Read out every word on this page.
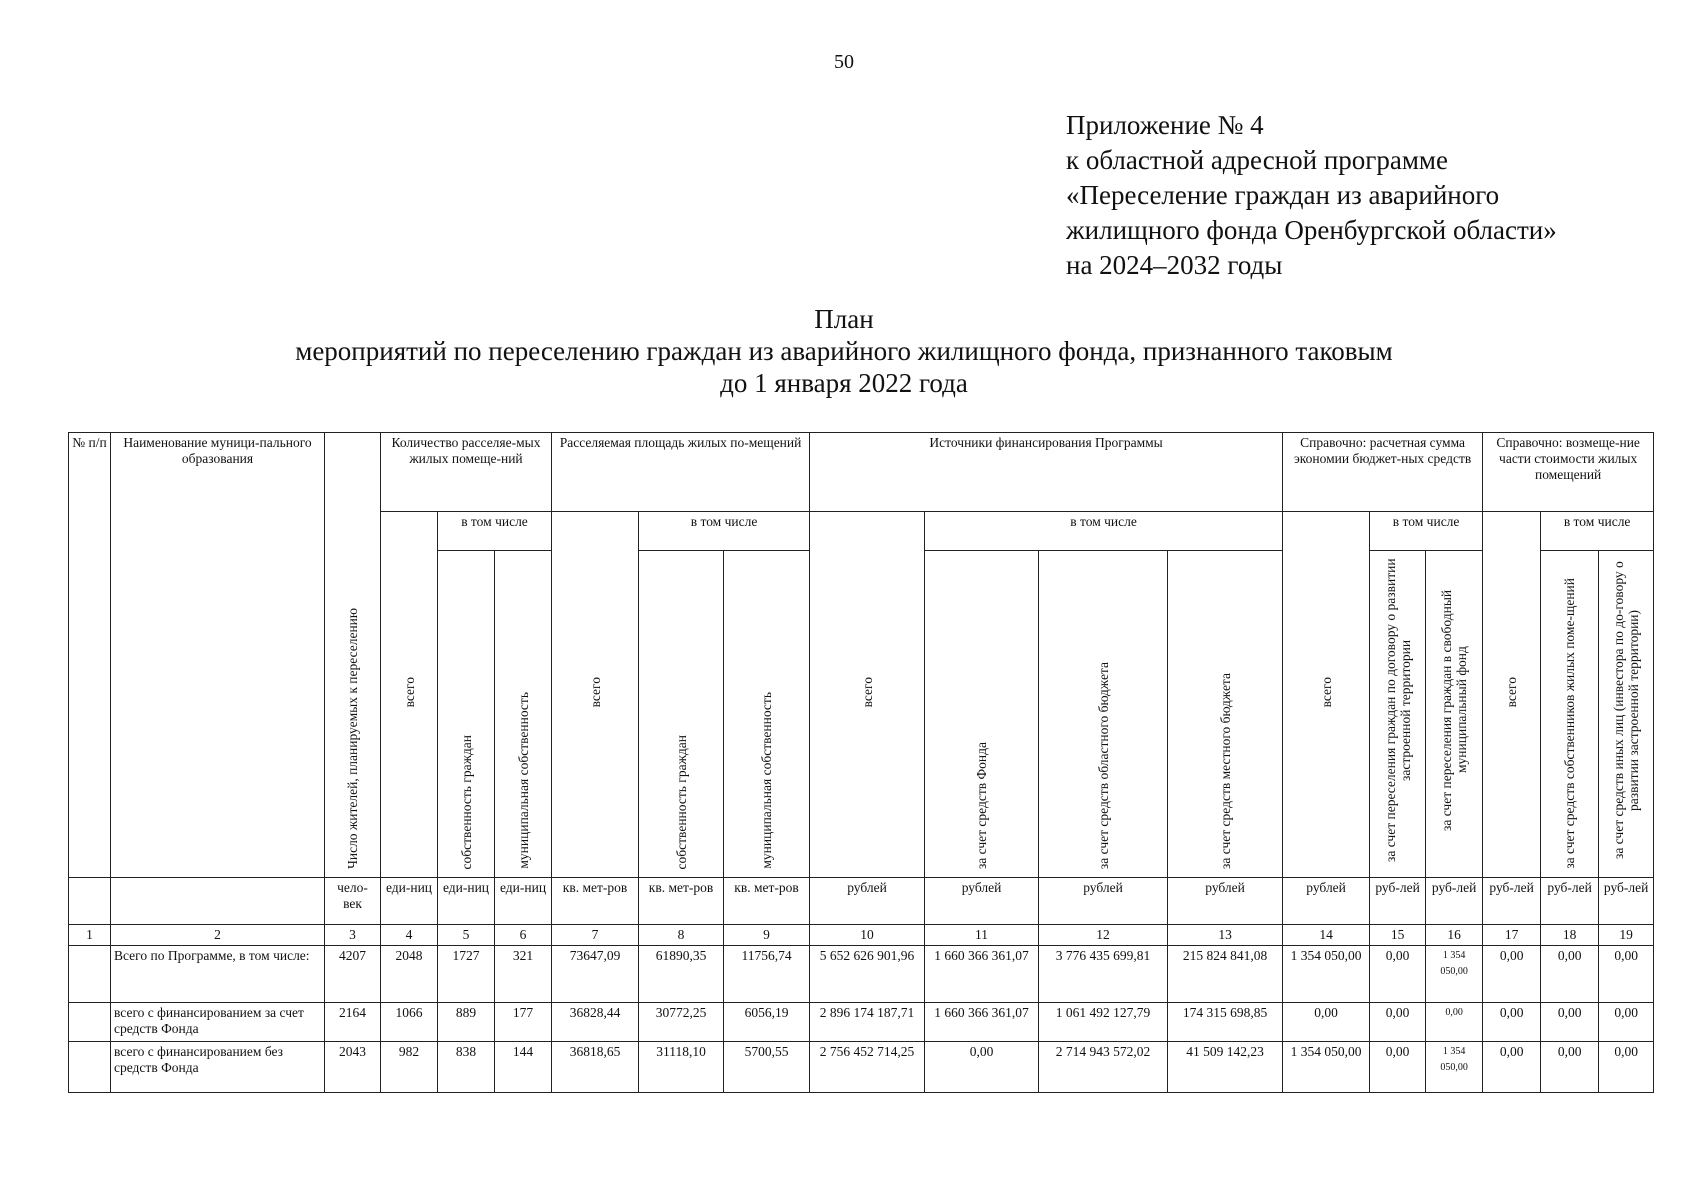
50
Приложение № 4
к областной адресной программе
«Переселение граждан из аварийного
жилищного фонда Оренбургской области»
на 2024–2032 годы
План
мероприятий по переселению граждан из аварийного жилищного фонда, признанного таковым
до 1 января 2022 года
№ п/п	Наименование муници-пального образования	Число жителей, планируемых к переселению	Количество расселяе-мых жилых помеще-ний			Расселяемая площадь жилых по-мещений			Источники финансирования Программы				Справочно: расчетная сумма экономии бюджет-ных средств			Справочно: возмеще-ние части стоимости жилых помещений		
			всего	в том числе		всего	в том числе		всего	в том числе			всего	в том числе		всего	в том числе	
				собственность граждан	муниципальная собственность		собственность граждан	муниципальная собственность		за счет средств Фонда	за счет средств областного бюджета	за счет средств местного бюджета		за счет переселения граждан по договору о развитии застроенной территории	за счет переселения граждан в свободный муниципальный фонд		за счет средств собственников жилых поме-щений	за счет средств иных лиц (инвестора по до-говору о развитии застроенной территории)

		чело-век	еди-ниц	еди-ниц	еди-ниц	кв. мет-ров	кв. мет-ров	кв. мет-ров	рублей	рублей	рублей	рублей	рублей	руб-лей	руб-лей	руб-лей	руб-лей	руб-лей
1	2	3	4	5	6	7	8	9	10	11	12	13	14	15	16	17	18	19
	Всего по Программе, в том числе:	4207	2048	1727	321	73647,09	61890,35	11756,74	5 652 626 901,96	1 660 366 361,07	3 776 435 699,81	215 824 841,08	1 354 050,00	0,00	1 354 050,00	0,00	0,00	0,00
	всего с финансированием за счет средств Фонда	2164	1066	889	177	36828,44	30772,25	6056,19	2 896 174 187,71	1 660 366 361,07	1 061 492 127,79	174 315 698,85	0,00	0,00	0,00	0,00	0,00	0,00
	всего с финансированием без средств Фонда	2043	982	838	144	36818,65	31118,10	5700,55	2 756 452 714,25	0,00	2 714 943 572,02	41 509 142,23	1 354 050,00	0,00	1 354 050,00	0,00	0,00	0,00
